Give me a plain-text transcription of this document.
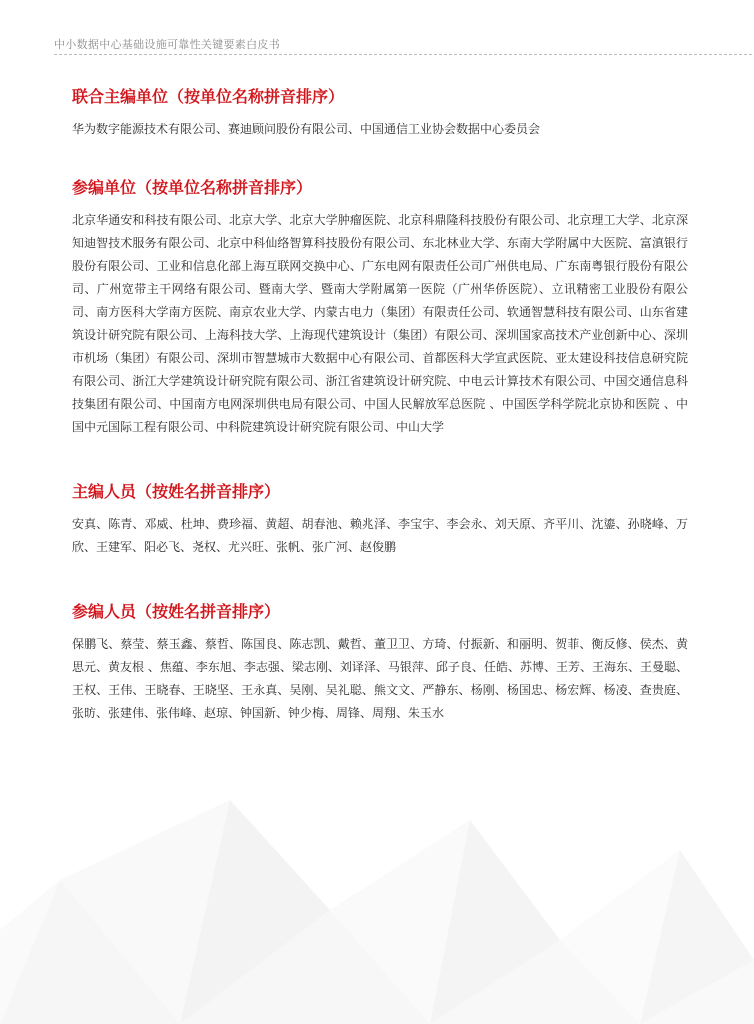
中小数据中心基础设施可靠性关键要素白皮书
联合主编单位（按单位名称拼音排序）

华为数字能源技术有限公司、赛迪顾问股份有限公司、中国通信工业协会数据中心委员会

参编单位（按单位名称拼音排序）

北京华通安和科技有限公司、北京大学、北京大学肿瘤医院、北京科鼎隆科技股份有限公司、北京理工大学、北京深知迪智技术服务有限公司、北京中科仙络智算科技股份有限公司、东北林业大学、东南大学附属中大医院、富滇银行股份有限公司、工业和信息化部上海互联网交换中心、广东电网有限责任公司广州供电局、广东南粤银行股份有限公司、广州宽带主干网络有限公司、暨南大学、暨南大学附属第一医院（广州华侨医院）、立讯精密工业股份有限公司、南方医科大学南方医院、南京农业大学、内蒙古电力（集团）有限责任公司、软通智慧科技有限公司、山东省建筑设计研究院有限公司、上海科技大学、上海现代建筑设计（集团）有限公司、深圳国家高技术产业创新中心、深圳市机场（集团）有限公司、深圳市智慧城市大数据中心有限公司、首都医科大学宣武医院、亚太建设科技信息研究院有限公司、浙江大学建筑设计研究院有限公司、浙江省建筑设计研究院、中电云计算技术有限公司、中国交通信息科技集团有限公司、中国南方电网深圳供电局有限公司、中国人民解放军总医院 、中国医学科学院北京协和医院 、中国中元国际工程有限公司、中科院建筑设计研究院有限公司、中山大学

主编人员（按姓名拼音排序）

安真、陈青、邓威、杜坤、费珍福、黄超、胡春池、赖兆泽、李宝宇、李会永、刘天原、齐平川、沈鎏、孙晓峰、万欣、王建军、阳必飞、尧权、尤兴旺、张帆、张广河、赵俊鹏

参编人员（按姓名拼音排序）

保鹏飞、蔡莹、蔡玉鑫、蔡哲、陈国良、陈志凯、戴哲、董卫卫、方琦、付振新、和丽明、贺菲、衡反修、侯杰、黄思元、黄友根 、焦蕴、李东旭、李志强、梁志刚、刘译泽、马银萍、邱子良、任皓、苏博、王芳、王海东、王曼聪、王权、王伟、王晓春、王晓坚、王永真、吴刚、吴礼聪、熊文文、严静东、杨刚、杨国忠、杨宏辉、杨凌、查贵庭、张昉、张建伟、张伟峰、赵琼、钟国新、钟少梅、周锋、周翔、朱玉水
